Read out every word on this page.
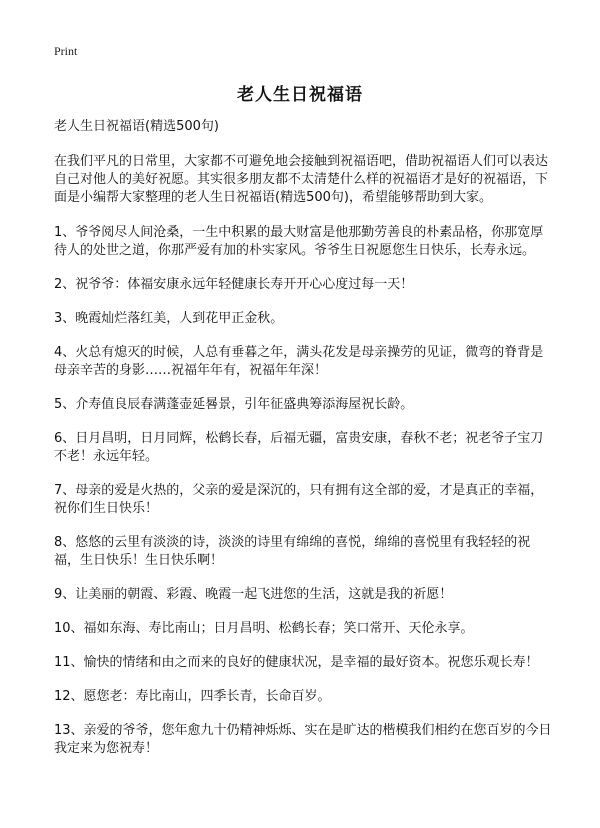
Print
老人生日祝福语

老人生日祝福语(精选500句)

在我们平凡的日常里，大家都不可避免地会接触到祝福语吧，借助祝福语人们可以表达自己对他人的美好祝愿。其实很多朋友都不太清楚什么样的祝福语才是好的祝福语，下面是小编帮大家整理的老人生日祝福语(精选500句)，希望能够帮助到大家。

1、爷爷阅尽人间沧桑，一生中积累的最大财富是他那勤劳善良的朴素品格，你那宽厚待人的处世之道，你那严爱有加的朴实家风。爷爷生日祝愿您生日快乐，长寿永远。
2、祝爷爷：体福安康永远年轻健康长寿开开心心度过每一天！
3、晚霞灿烂落红美，人到花甲正金秋。
4、火总有熄灭的时候，人总有垂暮之年，满头花发是母亲操劳的见证，微弯的脊背是母亲辛苦的身影……祝福年年有，祝福年年深！
5、介寿值良辰春满蓬壶延晷景，引年征盛典筹添海屋祝长龄。
6、日月昌明，日月同辉，松鹤长春，后福无疆，富贵安康，春秋不老；祝老爷子宝刀不老！永远年轻。
7、母亲的爱是火热的，父亲的爱是深沉的，只有拥有这全部的爱，才是真正的幸福，祝你们生日快乐！
8、悠悠的云里有淡淡的诗，淡淡的诗里有绵绵的喜悦，绵绵的喜悦里有我轻轻的祝福，生日快乐！生日快乐啊！
9、让美丽的朝霞、彩霞、晚霞一起飞进您的生活，这就是我的祈愿！
10、福如东海、寿比南山；日月昌明、松鹤长春；笑口常开、天伦永享。
11、愉快的情绪和由之而来的良好的健康状况，是幸福的最好资本。祝您乐观长寿！
12、愿您老：寿比南山，四季长青，长命百岁。
13、亲爱的爷爷，您年愈九十仍精神烁烁、实在是旷达的楷模我们相约在您百岁的今日我定来为您祝寿！
